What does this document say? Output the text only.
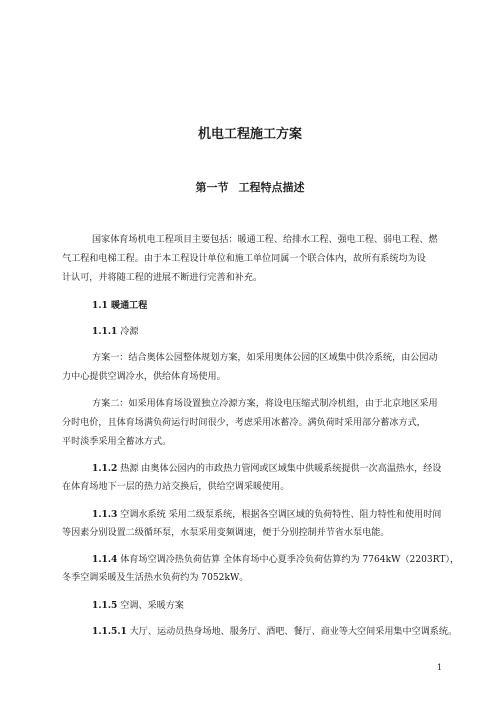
机电工程施工方案
第一节 工程特点描述
国家体育场机电工程项目主要包括：暖通工程、给排水工程、强电工程、弱电工程、燃
气工程和电梯工程。由于本工程设计单位和施工单位同属一个联合体内，故所有系统均为设
计认可，并将随工程的进展不断进行完善和补充。
1.1 暖通工程
1.1.1 冷源
方案一：结合奥体公园整体规划方案，如采用奥体公园的区域集中供冷系统，由公园动
力中心提供空调冷水，供给体育场使用。
方案二：如采用体育场设置独立冷源方案，将设电压缩式制冷机组，由于北京地区采用
分时电价，且体育场满负荷运行时间很少，考虑采用冰蓄冷。满负荷时采用部分蓄冰方式，
平时淡季采用全蓄冰方式。
1.1.2 热源 由奥体公园内的市政热力管网或区域集中供暖系统提供一次高温热水，经设
在体育场地下一层的热力站交换后，供给空调采暖使用。
1.1.3 空调水系统 采用二级泵系统，根据各空调区域的负荷特性、阻力特性和使用时间
等因素分别设置二级循环泵，水泵采用变频调速，便于分别控制并节省水泵电能。
1.1.4 体育场空调冷热负荷估算 全体育场中心夏季冷负荷估算约为 7764kW（2203RT），
冬季空调采暖及生活热水负荷约为 7052kW。
1.1.5 空调、采暖方案
1.1.5.1 大厅、运动员热身场地、服务厅、酒吧、餐厅、商业等大空间采用集中空调系统。
1
